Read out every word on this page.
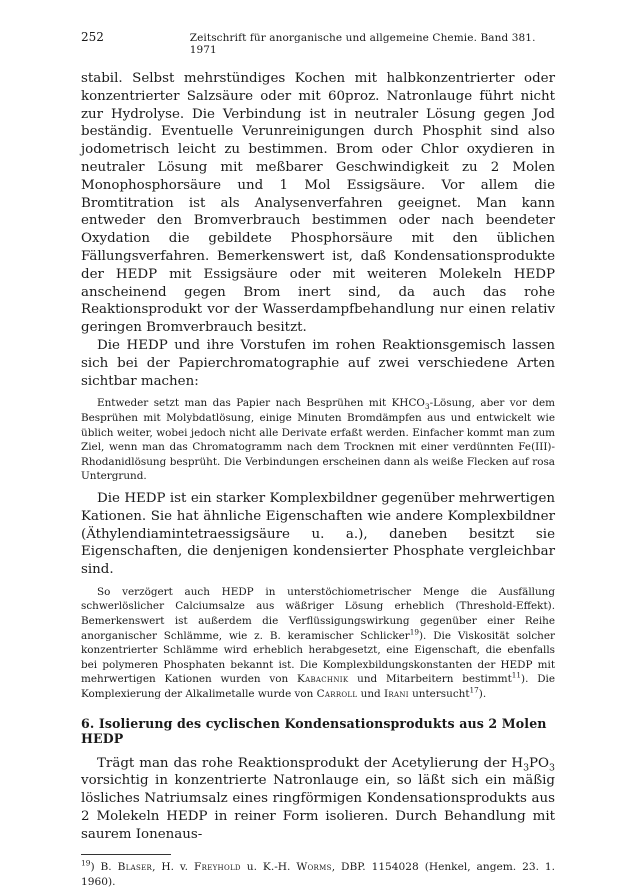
252	Zeitschrift für anorganische und allgemeine Chemie. Band 381. 1971

stabil. Selbst mehrstündiges Kochen mit halbkonzentrierter oder konzentrierter Salzsäure oder mit 60proz. Natronlauge führt nicht zur Hydrolyse. Die Verbindung ist in neutraler Lösung gegen Jod beständig. Eventuelle Verunreinigungen durch Phosphit sind also jodometrisch leicht zu bestimmen. Brom oder Chlor oxydieren in neutraler Lösung mit meßbarer Geschwindigkeit zu 2 Molen Monophosphorsäure und 1 Mol Essigsäure. Vor allem die Bromtitration ist als Analysenverfahren geeignet. Man kann entweder den Bromverbrauch bestimmen oder nach beendeter Oxydation die gebildete Phosphorsäure mit den üblichen Fällungsverfahren. Bemerkenswert ist, daß Kondensationsprodukte der HEDP mit Essigsäure oder mit weiteren Molekeln HEDP anscheinend gegen Brom inert sind, da auch das rohe Reaktionsprodukt vor der Wasserdampfbehandlung nur einen relativ geringen Bromverbrauch besitzt.

Die HEDP und ihre Vorstufen im rohen Reaktionsgemisch lassen sich bei der Papierchromatographie auf zwei verschiedene Arten sichtbar machen:

Entweder setzt man das Papier nach Besprühen mit $KHCO_3$-Lösung, aber vor dem Besprühen mit Molybdatlösung, einige Minuten Bromdämpfen aus und entwickelt wie üblich weiter, wobei jedoch nicht alle Derivate erfaßt werden. Einfacher kommt man zum Ziel, wenn man das Chromatogramm nach dem Trocknen mit einer verdünnten Fe(III)-Rhodanidlösung besprüht. Die Verbindungen erscheinen dann als weiße Flecken auf rosa Untergrund.

Die HEDP ist ein starker Komplexbildner gegenüber mehrwertigen Kationen. Sie hat ähnliche Eigenschaften wie andere Komplexbildner (Äthylendiamintetraessigsäure u. a.), daneben besitzt sie Eigenschaften, die denjenigen kondensierter Phosphate vergleichbar sind.

So verzögert auch HEDP in unterstöchiometrischer Menge die Ausfällung schwerlöslicher Calciumsalze aus wäßriger Lösung erheblich (Threshold-Effekt). Bemerkenswert ist außerdem die Verflüssigungswirkung gegenüber einer Reihe anorganischer Schlämme, wie z. B. keramischer Schlicker$^{19}$). Die Viskosität solcher konzentrierter Schlämme wird erheblich herabgesetzt, eine Eigenschaft, die ebenfalls bei polymeren Phosphaten bekannt ist. Die Komplexbildungskonstanten der HEDP mit mehrwertigen Kationen wurden von Kabachnik und Mitarbeitern bestimmt$^{11}$). Die Komplexierung der Alkalimetalle wurde von Carroll und Irani untersucht$^{17}$).

6. Isolierung des cyclischen Kondensationsprodukts aus 2 Molen HEDP

Trägt man das rohe Reaktionsprodukt der Acetylierung der $H_3PO_3$ vorsichtig in konzentrierte Natronlauge ein, so läßt sich ein mäßig lösliches Natriumsalz eines ringförmigen Kondensationsprodukts aus 2 Molekeln HEDP in reiner Form isolieren. Durch Behandlung mit saurem Ionenaus-

$^{19}$) B. Blaser, H. v. Freyhold u. K.-H. Worms, DBP. 1154028 (Henkel, angem. 23. 1. 1960).
